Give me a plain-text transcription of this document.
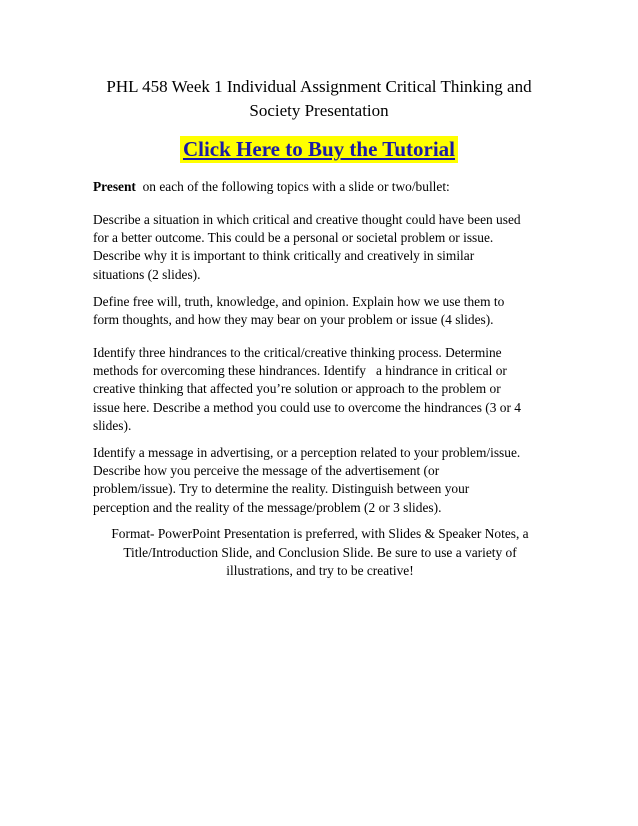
PHL 458 Week 1 Individual Assignment Critical Thinking and
Society Presentation
Click Here to Buy the Tutorial
Present  on each of the following topics with a slide or two/bullet:
Describe a situation in which critical and creative thought could have been used
for a better outcome. This could be a personal or societal problem or issue.
Describe why it is important to think critically and creatively in similar
situations (2 slides).
Define free will, truth, knowledge, and opinion. Explain how we use them to
form thoughts, and how they may bear on your problem or issue (4 slides).
Identify three hindrances to the critical/creative thinking process. Determine
methods for overcoming these hindrances. Identify   a hindrance in critical or
creative thinking that affected you’re solution or approach to the problem or
issue here. Describe a method you could use to overcome the hindrances (3 or 4
slides).
Identify a message in advertising, or a perception related to your problem/issue.
Describe how you perceive the message of the advertisement (or
problem/issue). Try to determine the reality. Distinguish between your
perception and the reality of the message/problem (2 or 3 slides).
Format- PowerPoint Presentation is preferred, with Slides & Speaker Notes, a
Title/Introduction Slide, and Conclusion Slide. Be sure to use a variety of
illustrations, and try to be creative!
